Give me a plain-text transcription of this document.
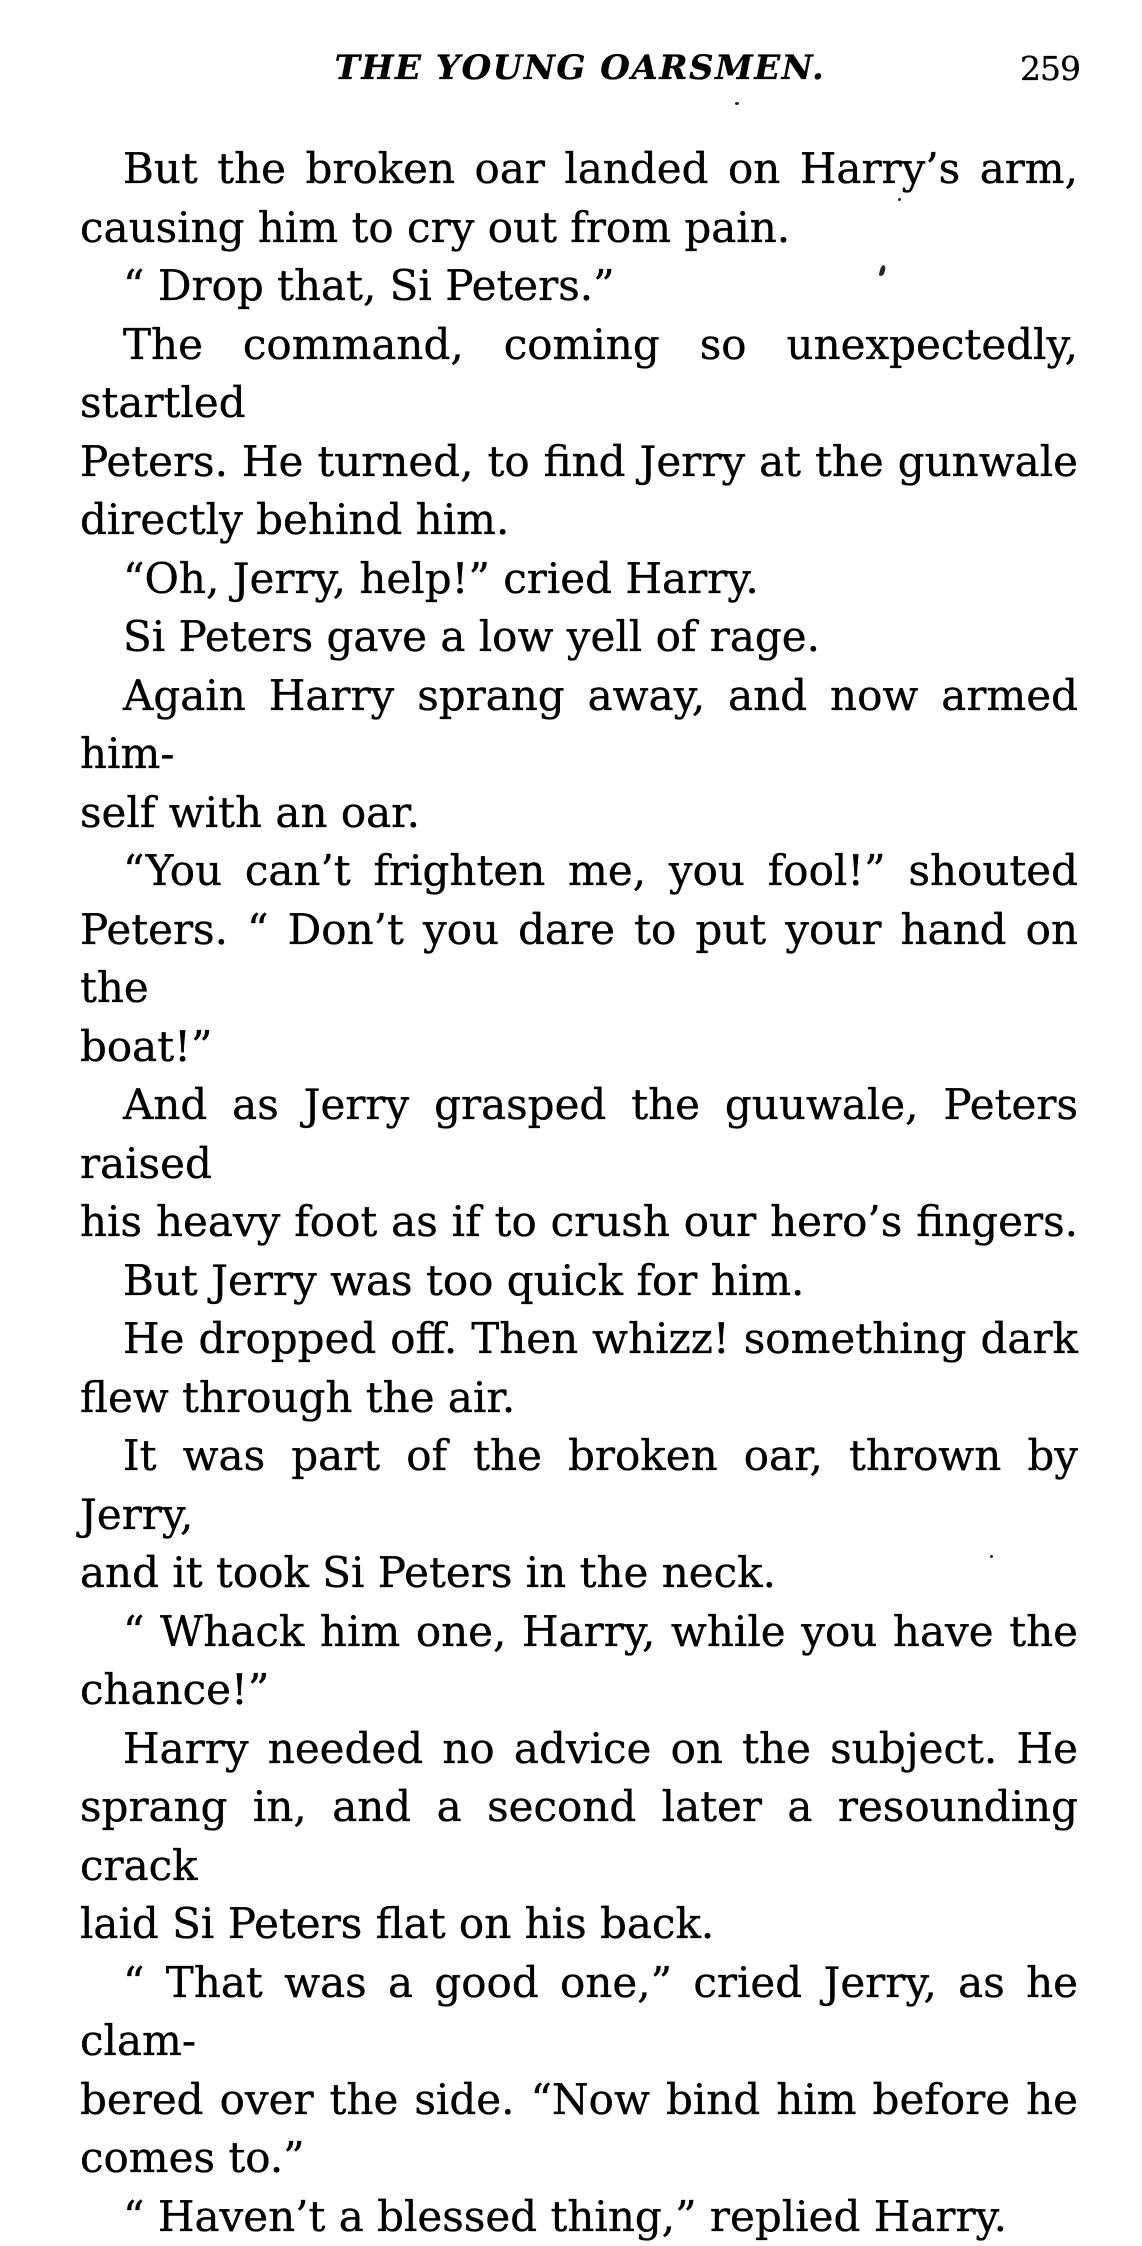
THE YOUNG OARSMEN.	259
But the broken oar landed on Harry’s arm,
causing him to cry out from pain.
“ Drop that, Si Peters.”
The command, coming so unexpectedly, startled
Peters. He turned, to find Jerry at the gunwale
directly behind him.
“Oh, Jerry, help!” cried Harry.
Si Peters gave a low yell of rage.
Again Harry sprang away, and now armed him-
self with an oar.
“You can’t frighten me, you fool!” shouted
Peters. “ Don’t you dare to put your hand on the
boat!”
And as Jerry grasped the guuwale, Peters raised
his heavy foot as if to crush our hero’s fingers.
But Jerry was too quick for him.
He dropped off. Then whizz! something dark
flew through the air.
It was part of the broken oar, thrown by Jerry,
and it took Si Peters in the neck.
“ Whack him one, Harry, while you have the
chance!”
Harry needed no advice on the subject. He
sprang in, and a second later a resounding crack
laid Si Peters flat on his back.
“ That was a good one,” cried Jerry, as he clam-
bered over the side. “Now bind him before he
comes to.”
“ Haven’t a blessed thing,” replied Harry.
